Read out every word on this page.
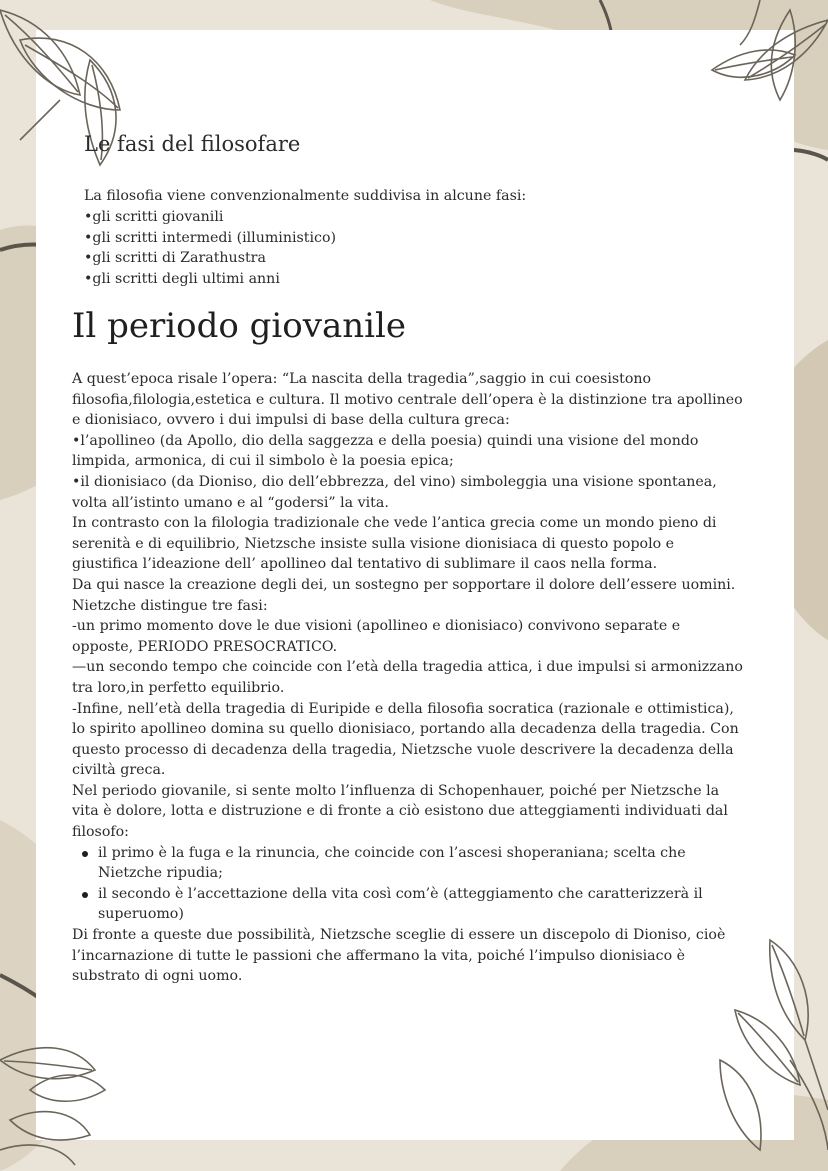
Le fasi del filosofare
La filosofia viene convenzionalmente suddivisa in alcune fasi:
•gli scritti giovanili
•gli scritti intermedi (illuministico)
•gli scritti di Zarathustra
•gli scritti degli ultimi anni
Il periodo giovanile
A quest’epoca risale l’opera: “La nascita della tragedia”,saggio in cui coesistono
filosofia,filologia,estetica e cultura. Il motivo centrale dell’opera è la distinzione tra apollineo
e dionisiaco, ovvero i dui impulsi di base della cultura greca:
•l’apollineo (da Apollo, dio della saggezza e della poesia) quindi una visione del mondo
limpida, armonica, di cui il simbolo è la poesia epica;
•il dionisiaco (da Dioniso, dio dell’ebbrezza, del vino) simboleggia una visione spontanea,
volta all’istinto umano e al “godersi” la vita.
In contrasto con la filologia tradizionale che vede l’antica grecia come un mondo pieno di
serenità e di equilibrio, Nietzsche insiste sulla visione dionisiaca di questo popolo e
giustifica l’ideazione dell’ apollineo dal tentativo di sublimare il caos nella forma.
Da qui nasce la creazione degli dei, un sostegno per sopportare il dolore dell’essere uomini.
Nietzche distingue tre fasi:
-un primo momento dove le due visioni (apollineo e dionisiaco) convivono separate e
opposte, PERIODO PRESOCRATICO.
—un secondo tempo che coincide con l’età della tragedia attica, i due impulsi si armonizzano
tra loro,in perfetto equilibrio.
-Infine, nell’età della tragedia di Euripide e della filosofia socratica (razionale e ottimistica),
lo spirito apollineo domina su quello dionisiaco, portando alla decadenza della tragedia. Con
questo processo di decadenza della tragedia, Nietzsche vuole descrivere la decadenza della
civiltà greca.
Nel periodo giovanile, si sente molto l’influenza di Schopenhauer, poiché per Nietzsche la
vita è dolore, lotta e distruzione e di fronte a ciò esistono due atteggiamenti individuati dal
filosofo:
il primo è la fuga e la rinuncia, che coincide con l’ascesi shoperaniana; scelta che
Nietzche ripudia;
il secondo è l’accettazione della vita così com’è (atteggiamento che caratterizzerà il
superuomo)
Di fronte a queste due possibilità, Nietzsche sceglie di essere un discepolo di Dioniso, cioè
l’incarnazione di tutte le passioni che affermano la vita, poiché l’impulso dionisiaco è
substrato di ogni uomo.
